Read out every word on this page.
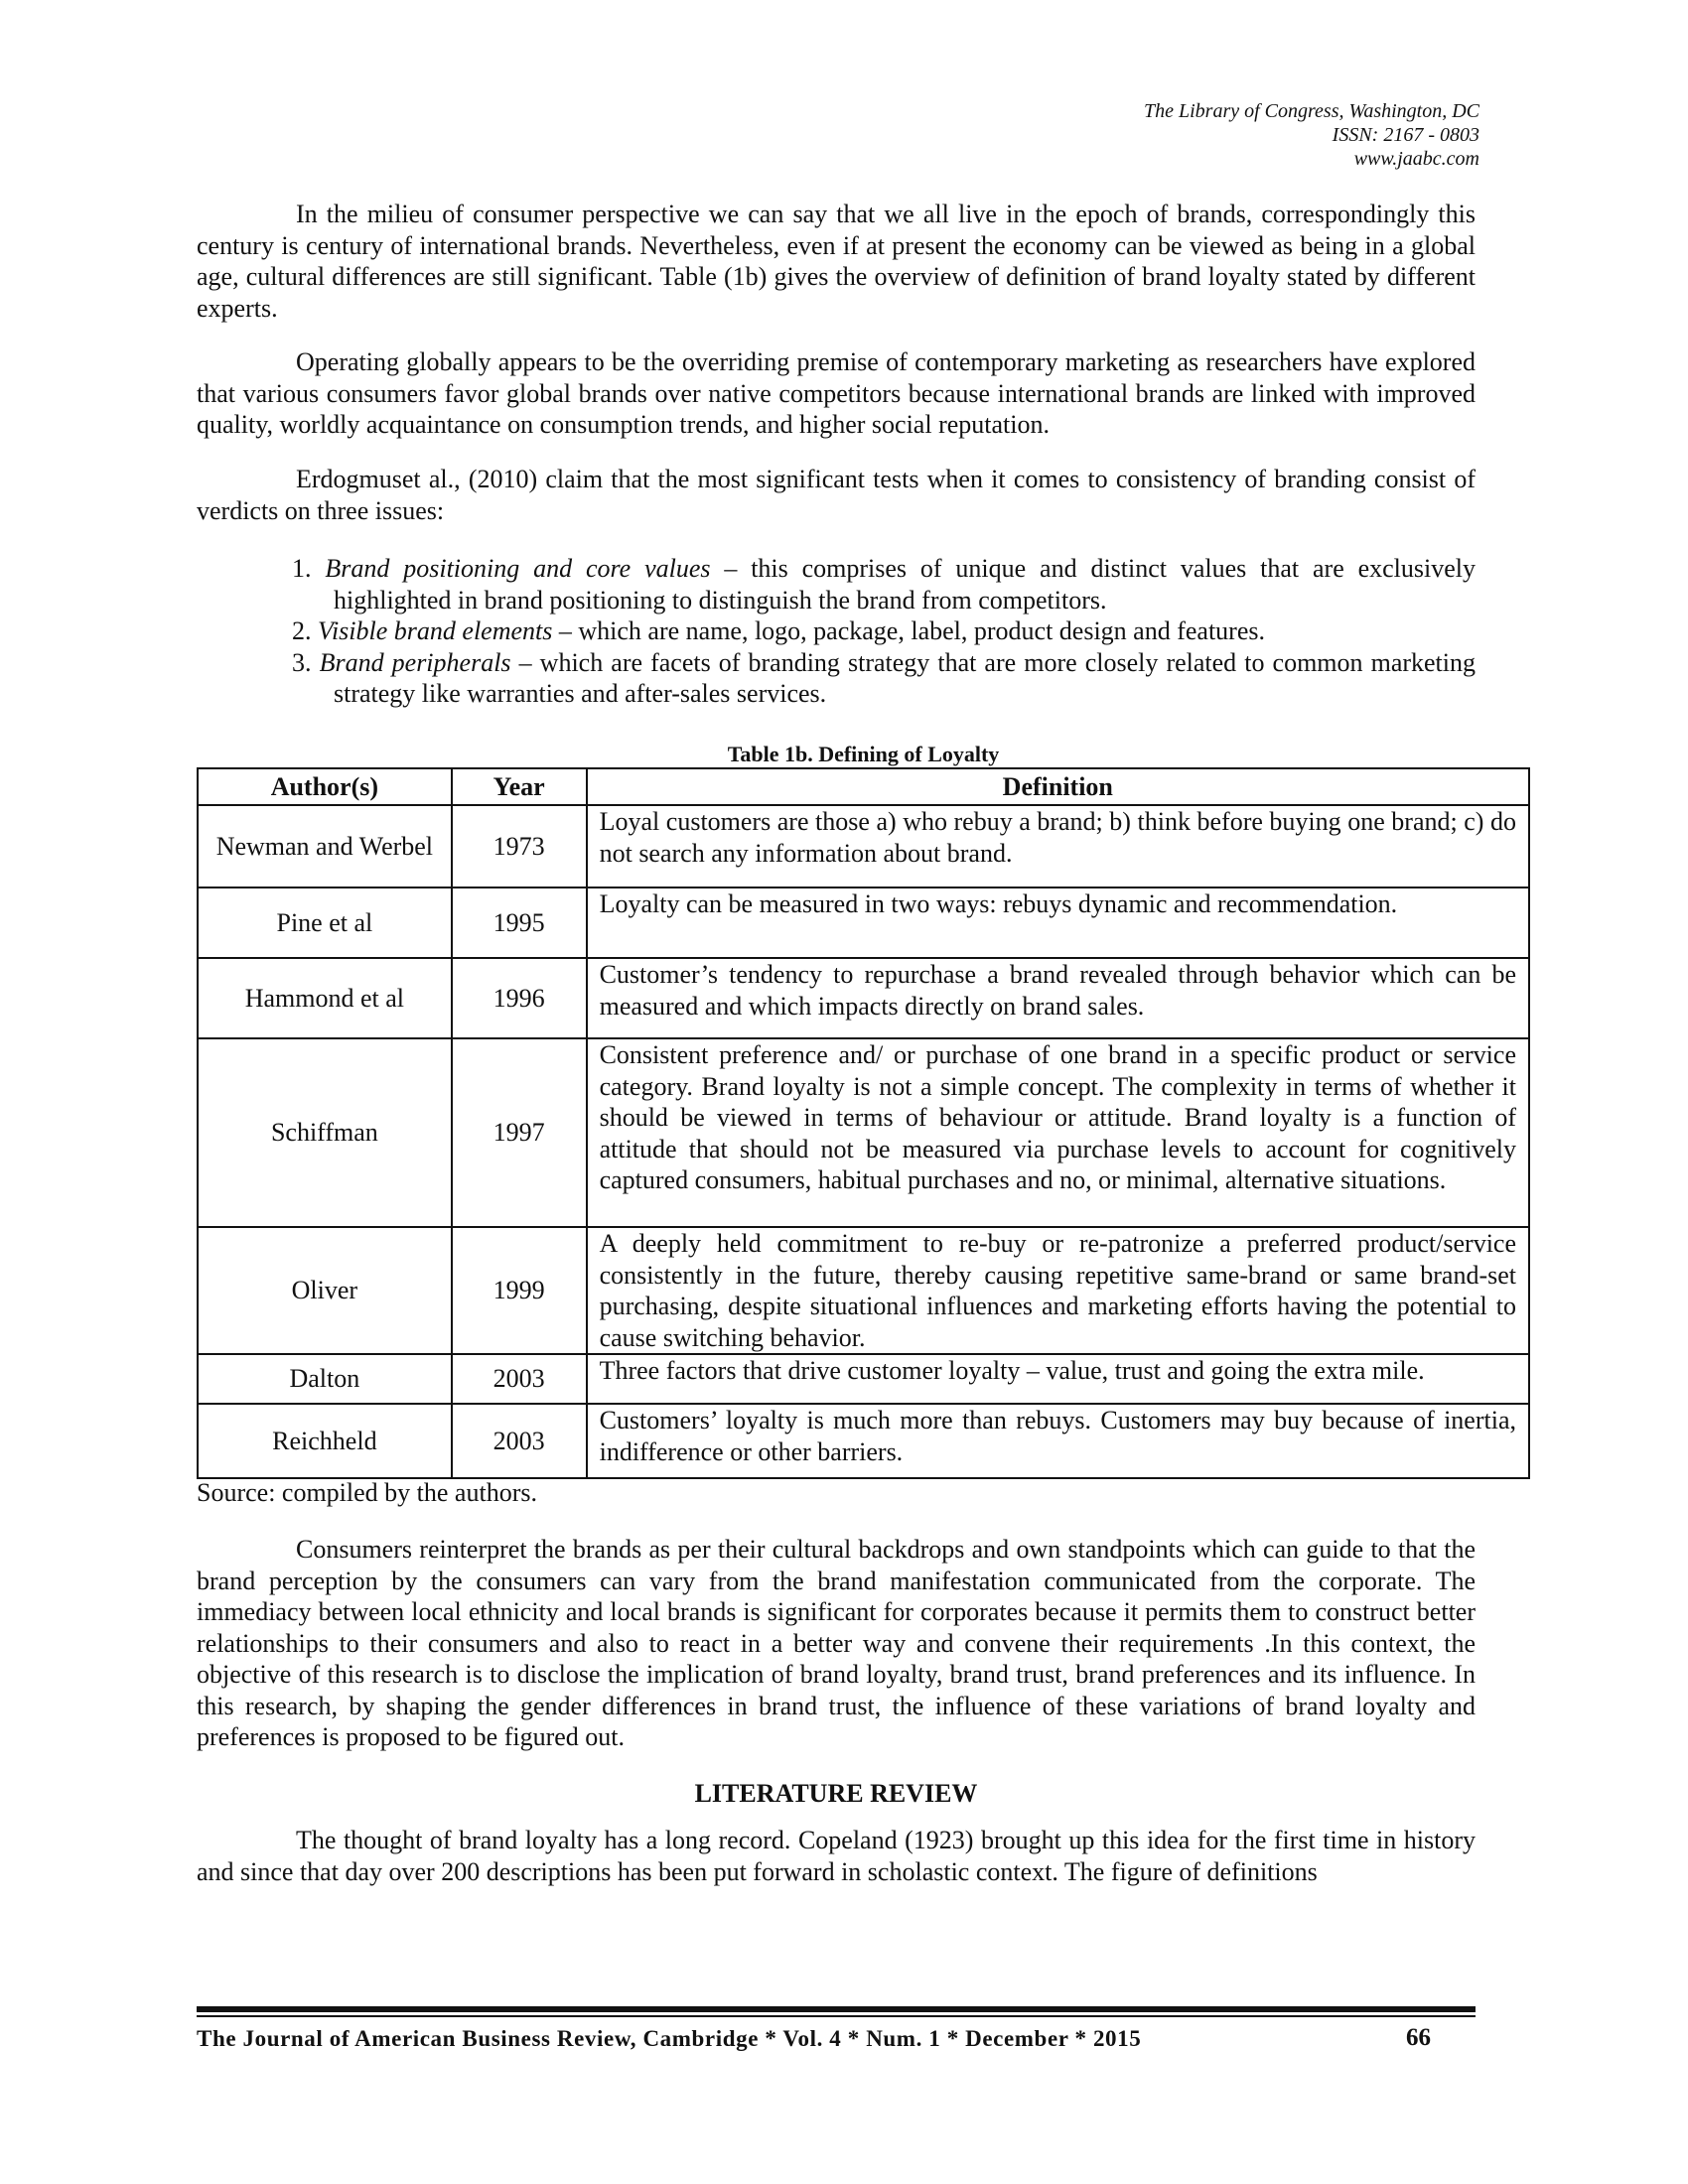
The Library of Congress, Washington, DC
ISSN: 2167 - 0803
www.jaabc.com

In the milieu of consumer perspective we can say that we all live in the epoch of brands, correspondingly this century is century of international brands. Nevertheless, even if at present the economy can be viewed as being in a global age, cultural differences are still significant. Table (1b) gives the overview of definition of brand loyalty stated by different experts.

Operating globally appears to be the overriding premise of contemporary marketing as researchers have explored that various consumers favor global brands over native competitors because international brands are linked with improved quality, worldly acquaintance on consumption trends, and higher social reputation.

Erdogmuset al., (2010) claim that the most significant tests when it comes to consistency of branding consist of verdicts on three issues:

1. Brand positioning and core values – this comprises of unique and distinct values that are exclusively highlighted in brand positioning to distinguish the brand from competitors.
2. Visible brand elements – which are name, logo, package, label, product design and features.
3. Brand peripherals – which are facets of branding strategy that are more closely related to common marketing strategy like warranties and after-sales services.
Table 1b. Defining of Loyalty
Author(s)	Year	Definition
Newman and Werbel	1973	Loyal customers are those a) who rebuy a brand; b) think before buying one brand; c) do not search any information about brand.
Pine et al	1995	Loyalty can be measured in two ways: rebuys dynamic and recommendation.
Hammond et al	1996	Customer’s tendency to repurchase a brand revealed through behavior which can be measured and which impacts directly on brand sales.
Schiffman	1997	Consistent preference and/ or purchase of one brand in a specific product or service category. Brand loyalty is not a simple concept. The complexity in terms of whether it should be viewed in terms of behaviour or attitude. Brand loyalty is a function of attitude that should not be measured via purchase levels to account for cognitively captured consumers, habitual purchases and no, or minimal, alternative situations.
Oliver	1999	A deeply held commitment to re-buy or re-patronize a preferred product/service consistently in the future, thereby causing repetitive same-brand or same brand-set purchasing, despite situational influences and marketing efforts having the potential to cause switching behavior.
Dalton	2003	Three factors that drive customer loyalty – value, trust and going the extra mile.
Reichheld	2003	Customers’ loyalty is much more than rebuys. Customers may buy because of inertia, indifference or other barriers.
Source: compiled by the authors.

Consumers reinterpret the brands as per their cultural backdrops and own standpoints which can guide to that the brand perception by the consumers can vary from the brand manifestation communicated from the corporate. The immediacy between local ethnicity and local brands is significant for corporates because it permits them to construct better relationships to their consumers and also to react in a better way and convene their requirements .In this context, the objective of this research is to disclose the implication of brand loyalty, brand trust, brand preferences and its influence. In this research, by shaping the gender differences in brand trust, the influence of these variations of brand loyalty and preferences is proposed to be figured out.

LITERATURE REVIEW

The thought of brand loyalty has a long record. Copeland (1923) brought up this idea for the first time in history and since that day over 200 descriptions has been put forward in scholastic context. The figure of definitions

The Journal of American Business Review, Cambridge * Vol. 4 * Num. 1 * December * 2015	66
